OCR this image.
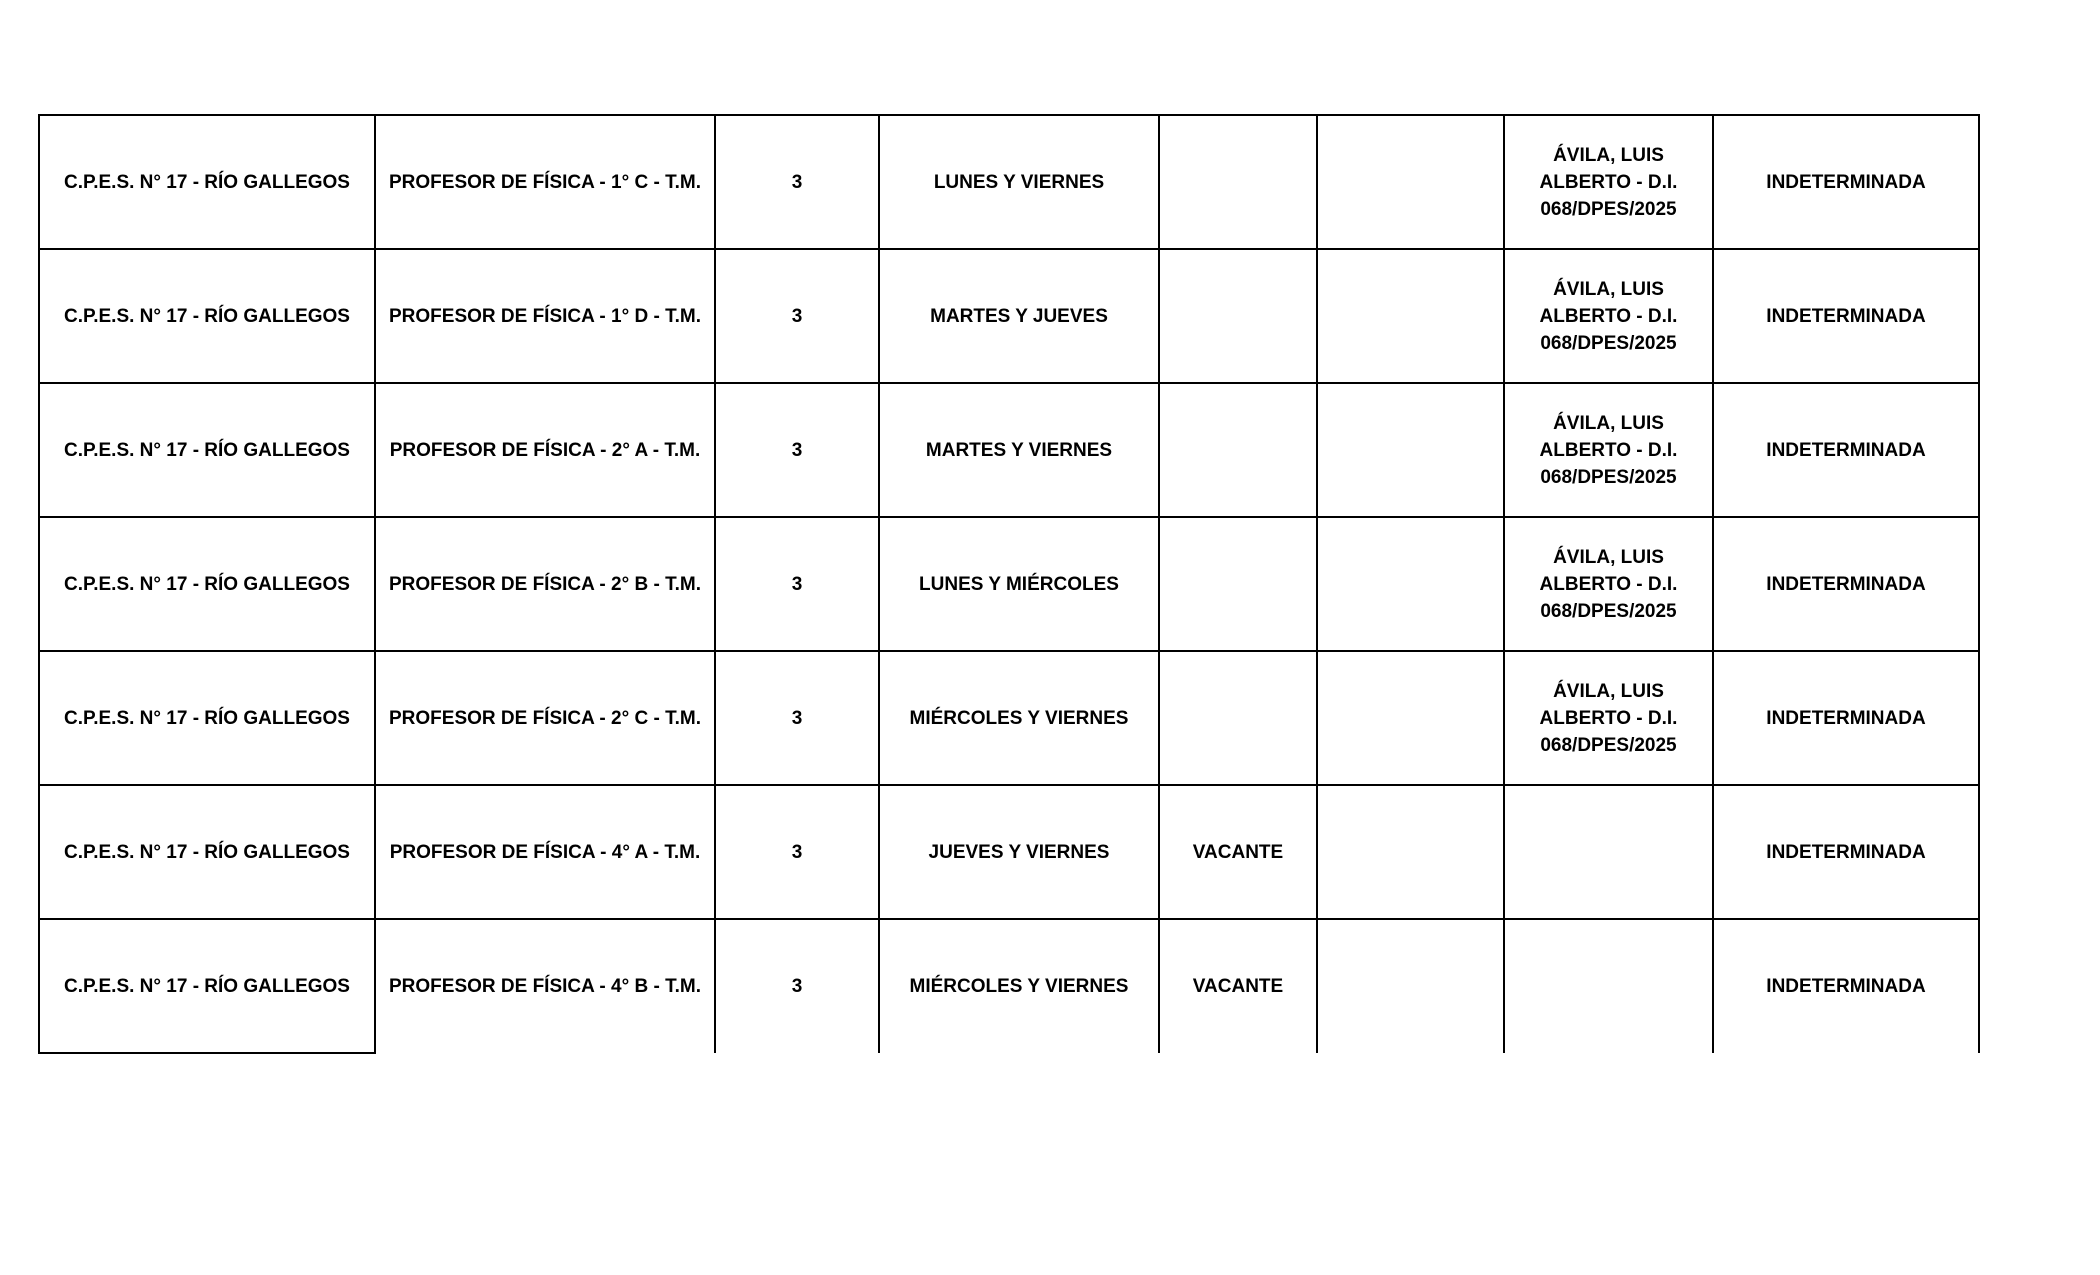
C.P.E.S. N° 17 - RÍO GALLEGOS	PROFESOR DE FÍSICA - 1° C - T.M.	3	LUNES Y VIERNES			ÁVILA, LUIS ALBERTO - D.I. 068/DPES/2025	INDETERMINADA
C.P.E.S. N° 17 - RÍO GALLEGOS	PROFESOR DE FÍSICA - 1° D - T.M.	3	MARTES Y JUEVES			ÁVILA, LUIS ALBERTO - D.I. 068/DPES/2025	INDETERMINADA
C.P.E.S. N° 17 - RÍO GALLEGOS	PROFESOR DE FÍSICA - 2° A - T.M.	3	MARTES Y VIERNES			ÁVILA, LUIS ALBERTO - D.I. 068/DPES/2025	INDETERMINADA
C.P.E.S. N° 17 - RÍO GALLEGOS	PROFESOR DE FÍSICA - 2° B - T.M.	3	LUNES Y MIÉRCOLES			ÁVILA, LUIS ALBERTO - D.I. 068/DPES/2025	INDETERMINADA
C.P.E.S. N° 17 - RÍO GALLEGOS	PROFESOR DE FÍSICA - 2° C - T.M.	3	MIÉRCOLES Y VIERNES			ÁVILA, LUIS ALBERTO - D.I. 068/DPES/2025	INDETERMINADA
C.P.E.S. N° 17 - RÍO GALLEGOS	PROFESOR DE FÍSICA - 4° A - T.M.	3	JUEVES Y VIERNES	VACANTE			INDETERMINADA
C.P.E.S. N° 17 - RÍO GALLEGOS	PROFESOR DE FÍSICA - 4° B - T.M.	3	MIÉRCOLES Y VIERNES	VACANTE			INDETERMINADA
